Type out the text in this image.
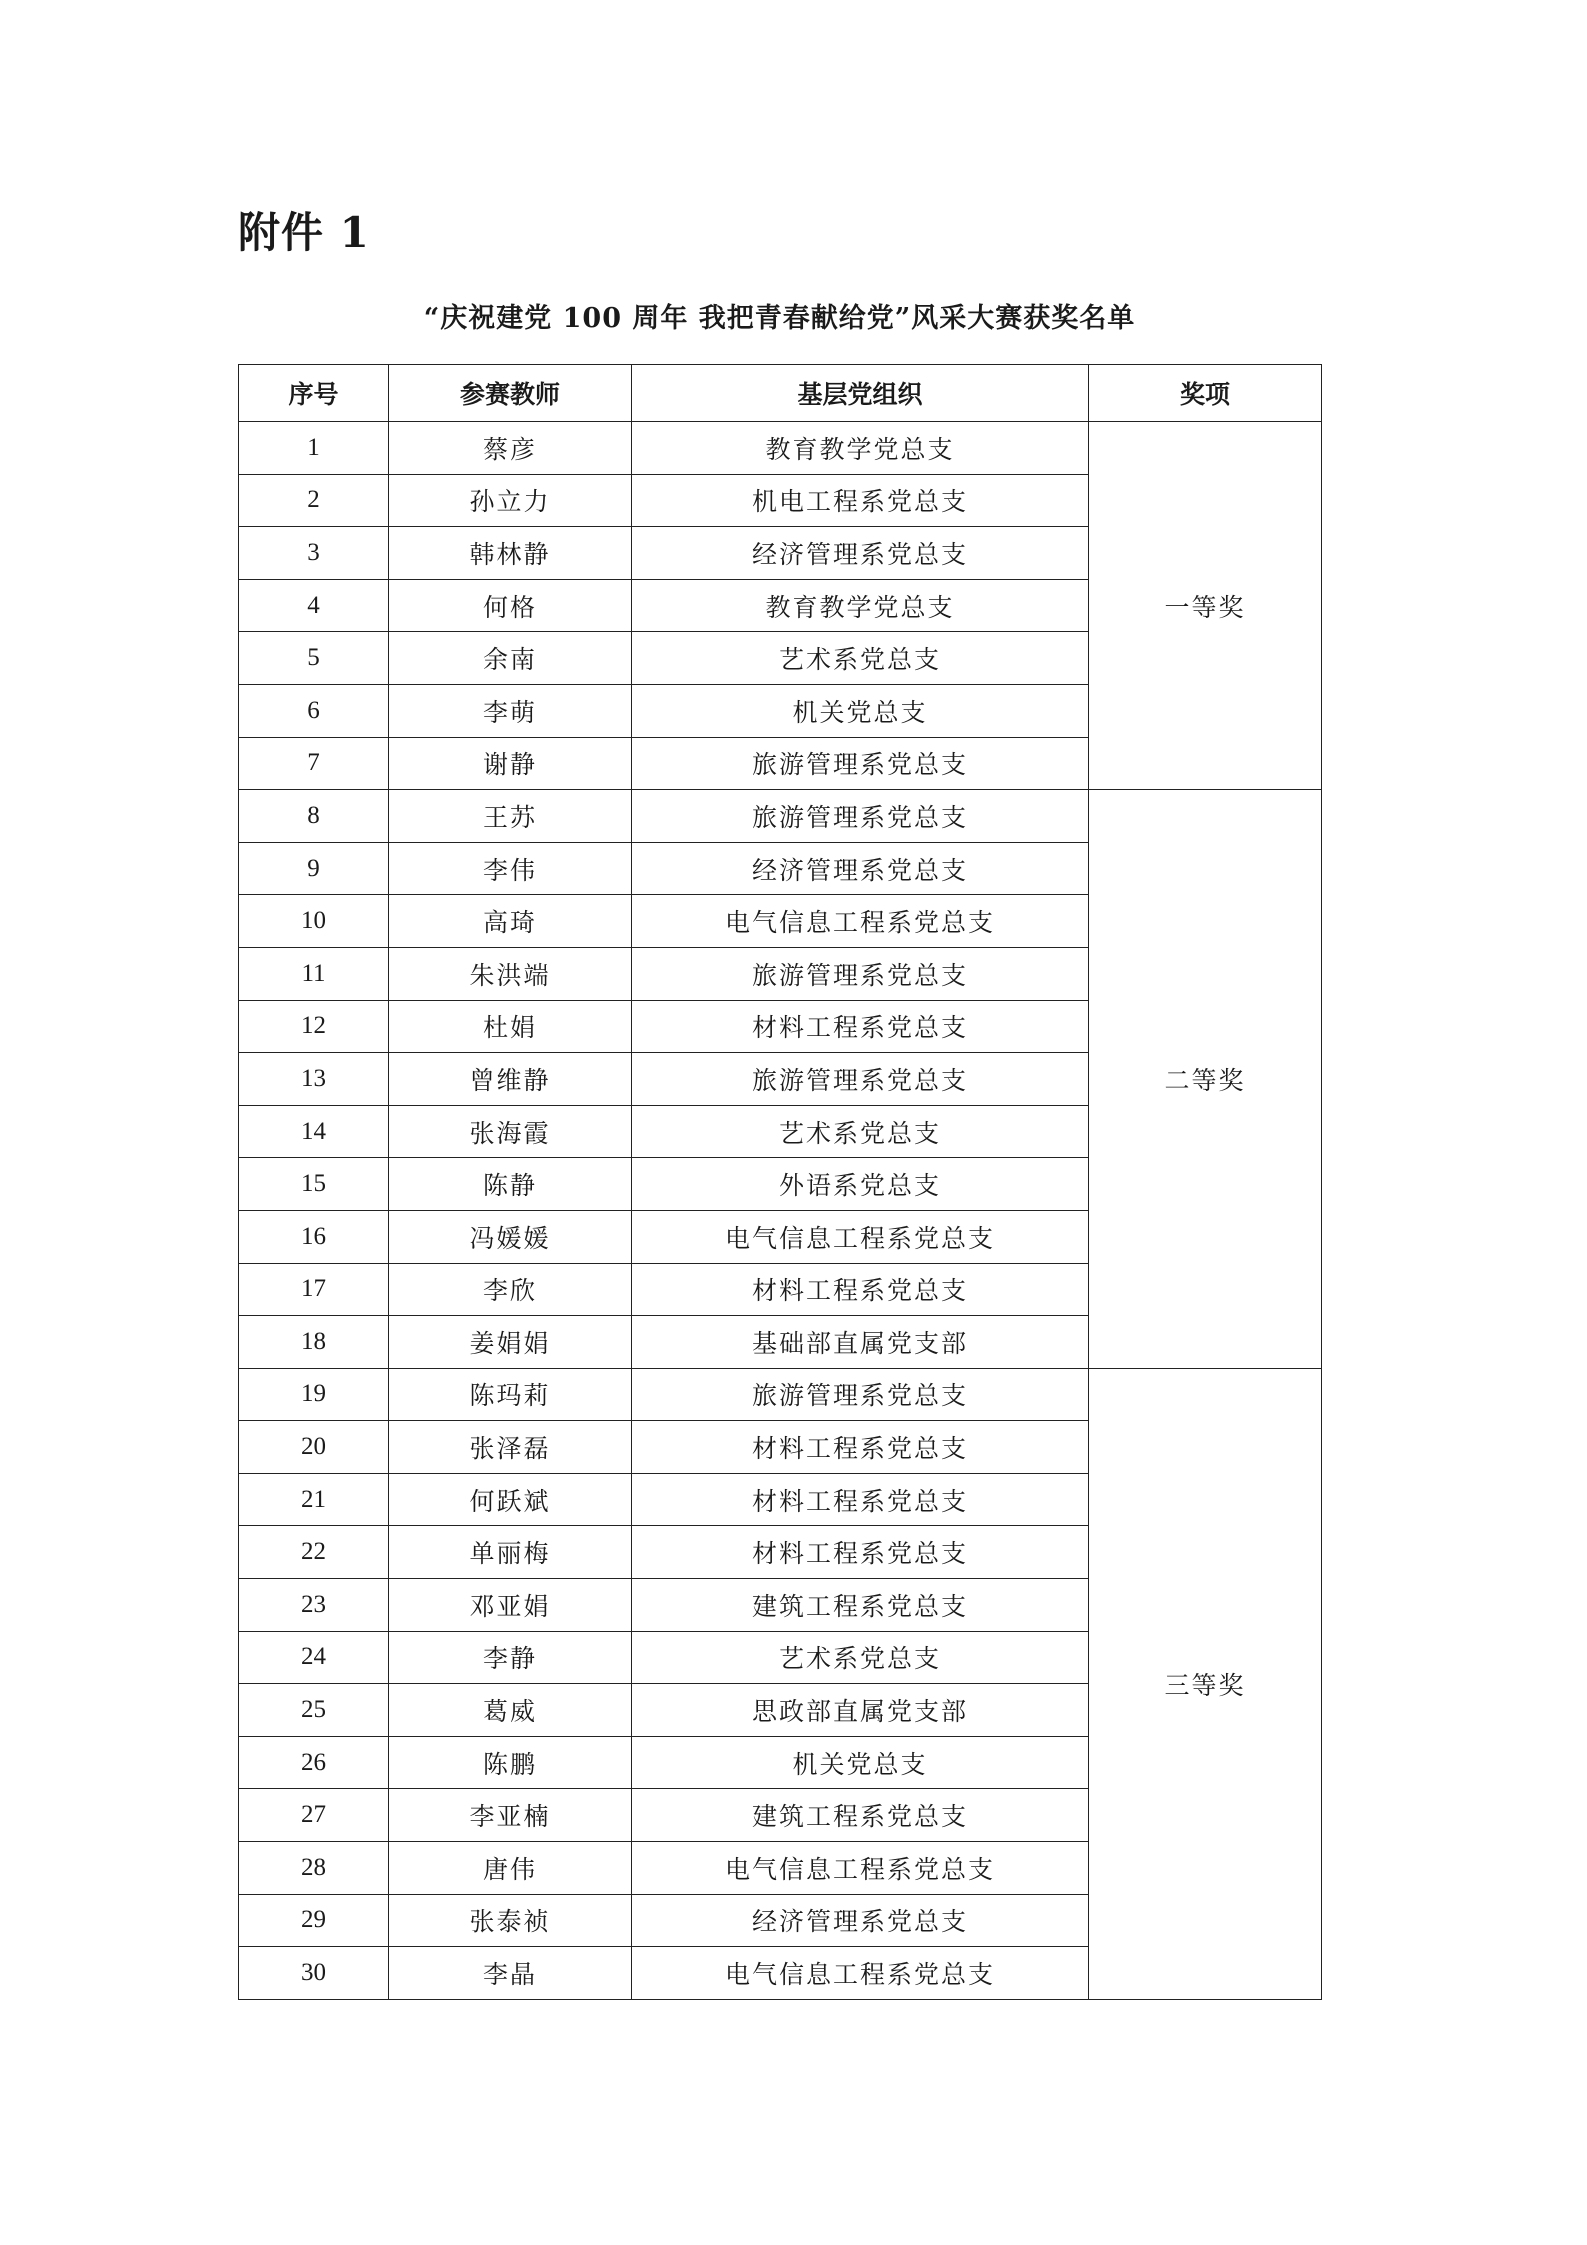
附件 1
“庆祝建党 100 周年 我把青春献给党”风采大赛获奖名单
序号	参赛教师	基层党组织	奖项
1	蔡彦	教育教学党总支	一等奖
2	孙立力	机电工程系党总支	
3	韩林静	经济管理系党总支	
4	何格	教育教学党总支	
5	余南	艺术系党总支	
6	李萌	机关党总支	
7	谢静	旅游管理系党总支	
8	王苏	旅游管理系党总支	二等奖
9	李伟	经济管理系党总支	
10	高琦	电气信息工程系党总支	
11	朱洪端	旅游管理系党总支	
12	杜娟	材料工程系党总支	
13	曾维静	旅游管理系党总支	
14	张海霞	艺术系党总支	
15	陈静	外语系党总支	
16	冯媛媛	电气信息工程系党总支	
17	李欣	材料工程系党总支	
18	姜娟娟	基础部直属党支部	
19	陈玛莉	旅游管理系党总支	三等奖
20	张泽磊	材料工程系党总支	
21	何跃斌	材料工程系党总支	
22	单丽梅	材料工程系党总支	
23	邓亚娟	建筑工程系党总支	
24	李静	艺术系党总支	
25	葛威	思政部直属党支部	
26	陈鹏	机关党总支	
27	李亚楠	建筑工程系党总支	
28	唐伟	电气信息工程系党总支	
29	张泰祯	经济管理系党总支	
30	李晶	电气信息工程系党总支	
